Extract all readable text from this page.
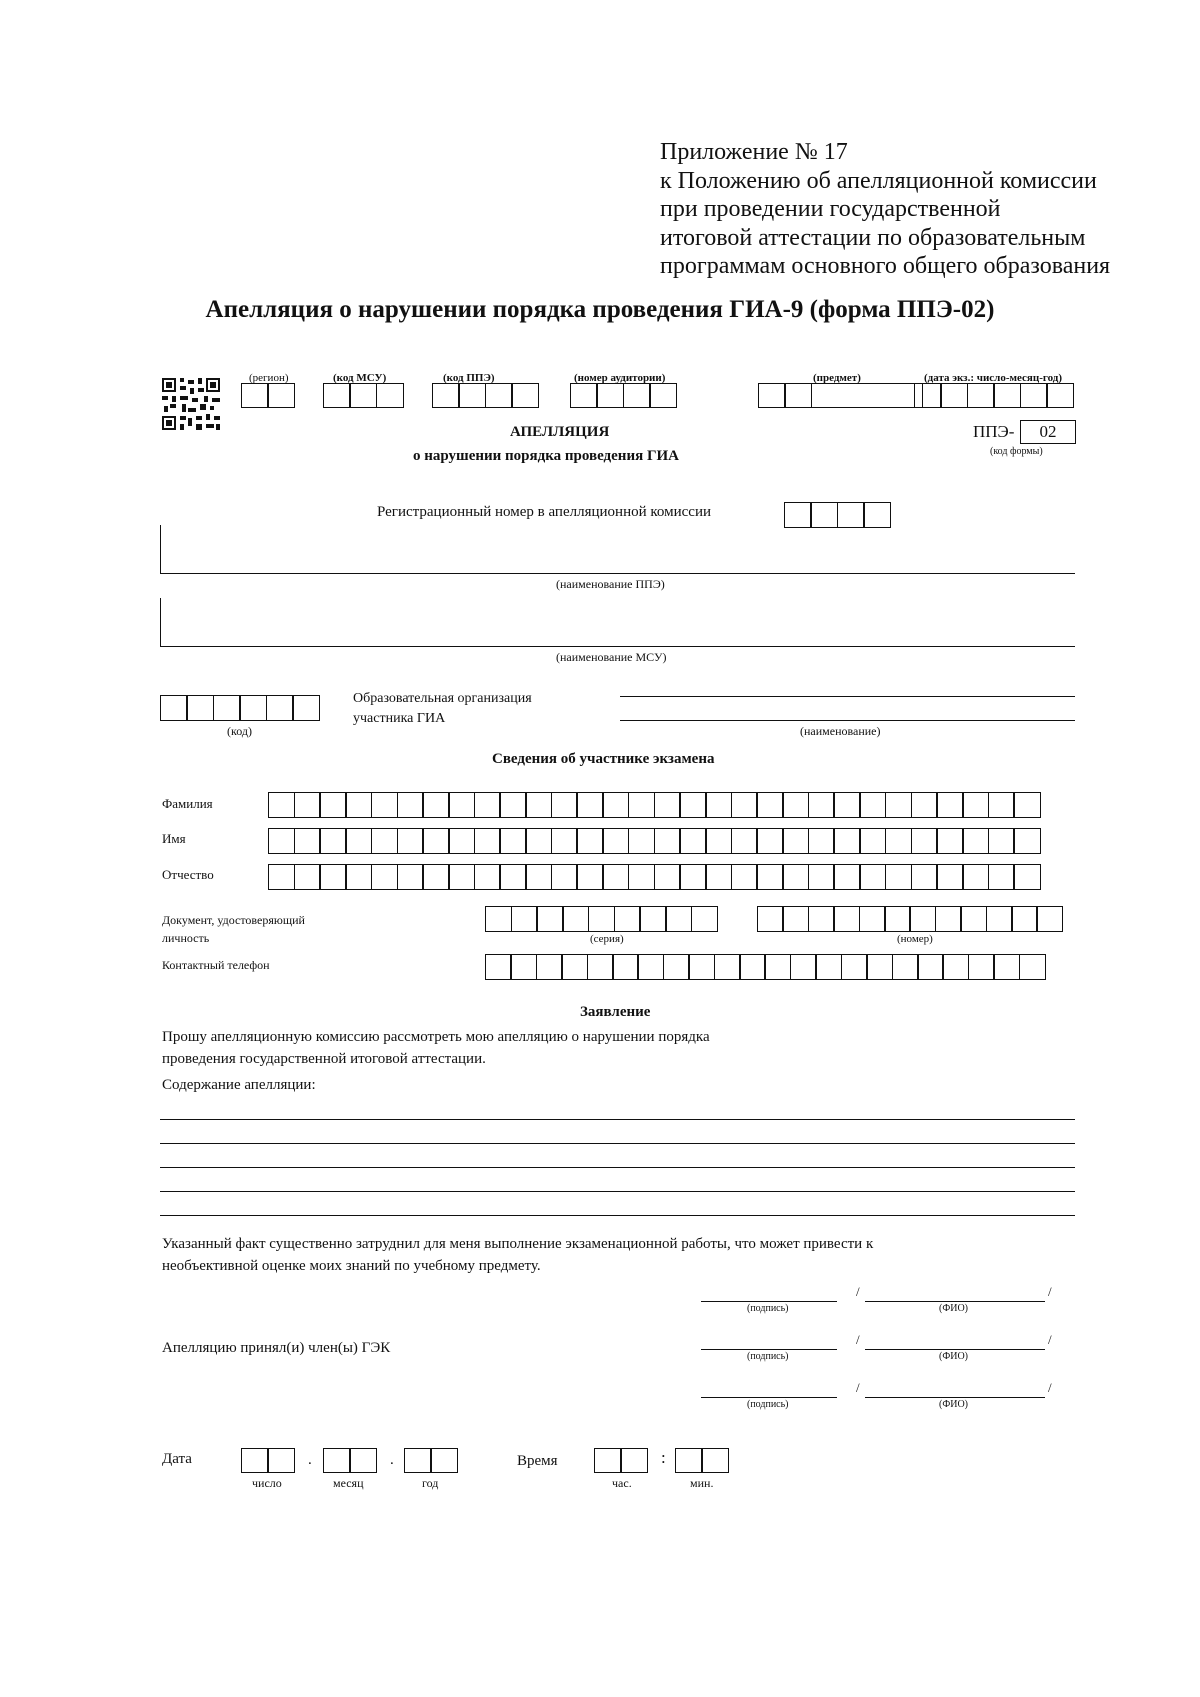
Приложение № 17
к Положению об апелляционной комиссии
при проведении государственной
итоговой аттестации по образовательным
программам основного общего образования
Апелляция о нарушении порядка проведения ГИА-9 (форма ППЭ-02)
(регион)	(код МСУ)	(код ППЭ)	(номер аудитории)	(предмет)	(дата экз.: число-месяц-год)
АПЕЛЛЯЦИЯ
о нарушении порядка проведения ГИА
ППЭ-	02
(код формы)
Регистрационный номер в апелляционной комиссии
(наименование ППЭ)
(наименование МСУ)
(код)
Образовательная организация
участника ГИА
(наименование)
Сведения об участнике экзамена
Фамилия
Имя
Отчество
Документ, удостоверяющий
личность	(серия)	(номер)
Контактный телефон
Заявление
Прошу апелляционную комиссию рассмотреть мою апелляцию о нарушении порядка
проведения государственной итоговой аттестации.
Содержание апелляции:
Указанный факт существенно затруднил для меня выполнение экзаменационной работы, что может привести к
необъективной оценке моих знаний по учебному предмету.
Апелляцию принял(и) член(ы) ГЭК
/	/
(подпись)	(ФИО)
/	/
(подпись)	(ФИО)
/	/
(подпись)	(ФИО)
Дата	.	.
число	месяц	год
Время	:
час.	мин.
